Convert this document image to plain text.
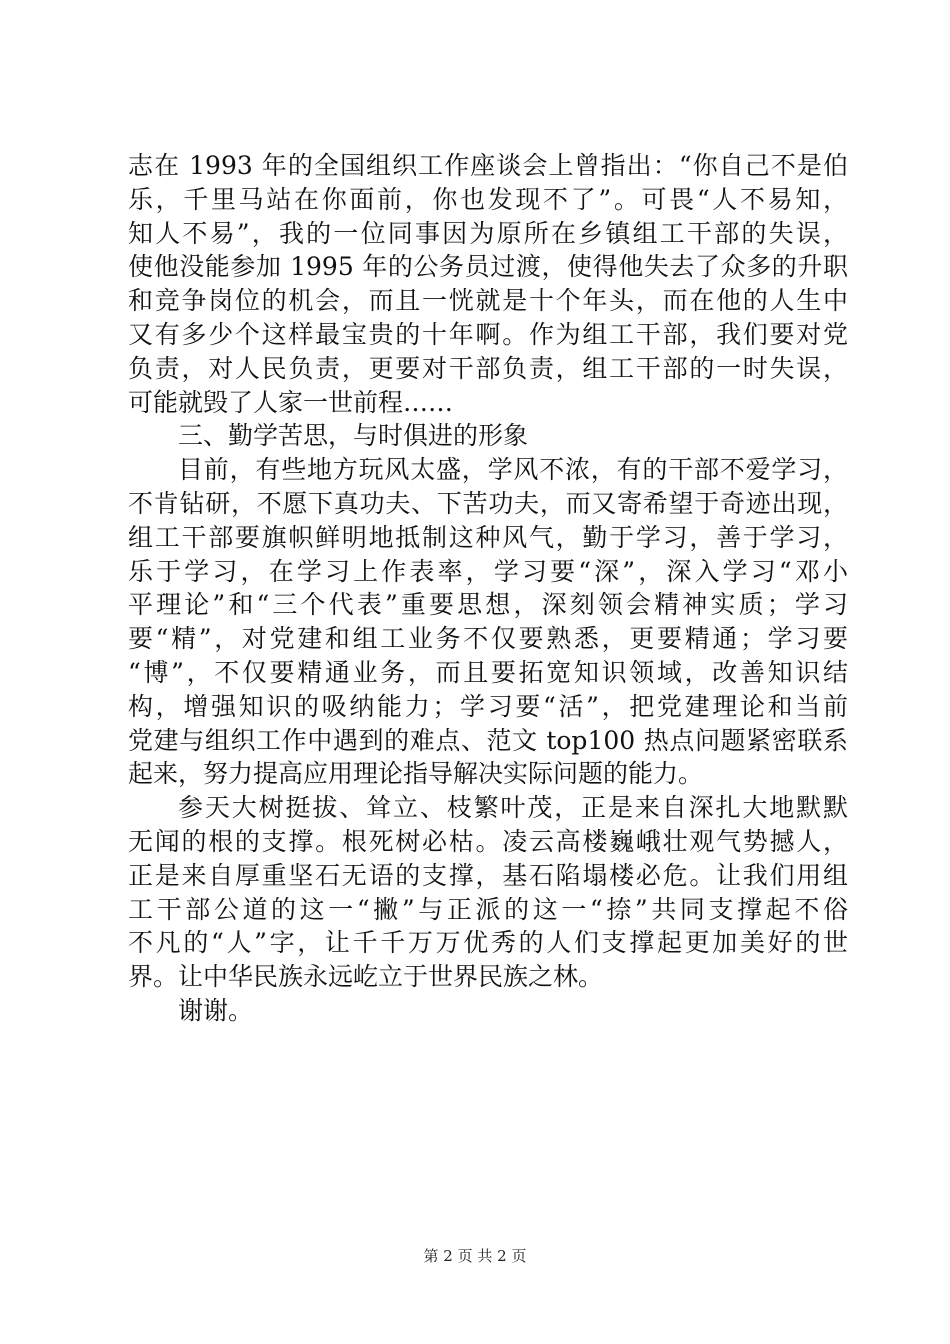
志在 1993 年的全国组织工作座谈会上曾指出：“你自己不是伯
乐，千里马站在你面前，你也发现不了”。可畏“人不易知，
知人不易”，我的一位同事因为原所在乡镇组工干部的失误，
使他没能参加 1995 年的公务员过渡，使得他失去了众多的升职
和竞争岗位的机会，而且一恍就是十个年头，而在他的人生中
又有多少个这样最宝贵的十年啊。作为组工干部，我们要对党
负责，对人民负责，更要对干部负责，组工干部的一时失误，
可能就毁了人家一世前程……
三、勤学苦思，与时俱进的形象
目前，有些地方玩风太盛，学风不浓，有的干部不爱学习，
不肯钻研，不愿下真功夫、下苦功夫，而又寄希望于奇迹出现，
组工干部要旗帜鲜明地抵制这种风气，勤于学习，善于学习，
乐于学习，在学习上作表率，学习要“深”，深入学习“邓小
平理论”和“三个代表”重要思想，深刻领会精神实质；学习
要“精”，对党建和组工业务不仅要熟悉，更要精通；学习要
“博”，不仅要精通业务，而且要拓宽知识领域，改善知识结
构，增强知识的吸纳能力；学习要“活”，把党建理论和当前
党建与组织工作中遇到的难点、范文 top100 热点问题紧密联系
起来，努力提高应用理论指导解决实际问题的能力。
参天大树挺拔、耸立、枝繁叶茂，正是来自深扎大地默默
无闻的根的支撑。根死树必枯。凌云高楼巍峨壮观气势撼人，
正是来自厚重坚石无语的支撑，基石陷塌楼必危。让我们用组
工干部公道的这一“撇”与正派的这一“捺”共同支撑起不俗
不凡的“人”字，让千千万万优秀的人们支撑起更加美好的世
界。让中华民族永远屹立于世界民族之林。
谢谢。
第 2 页 共 2 页
